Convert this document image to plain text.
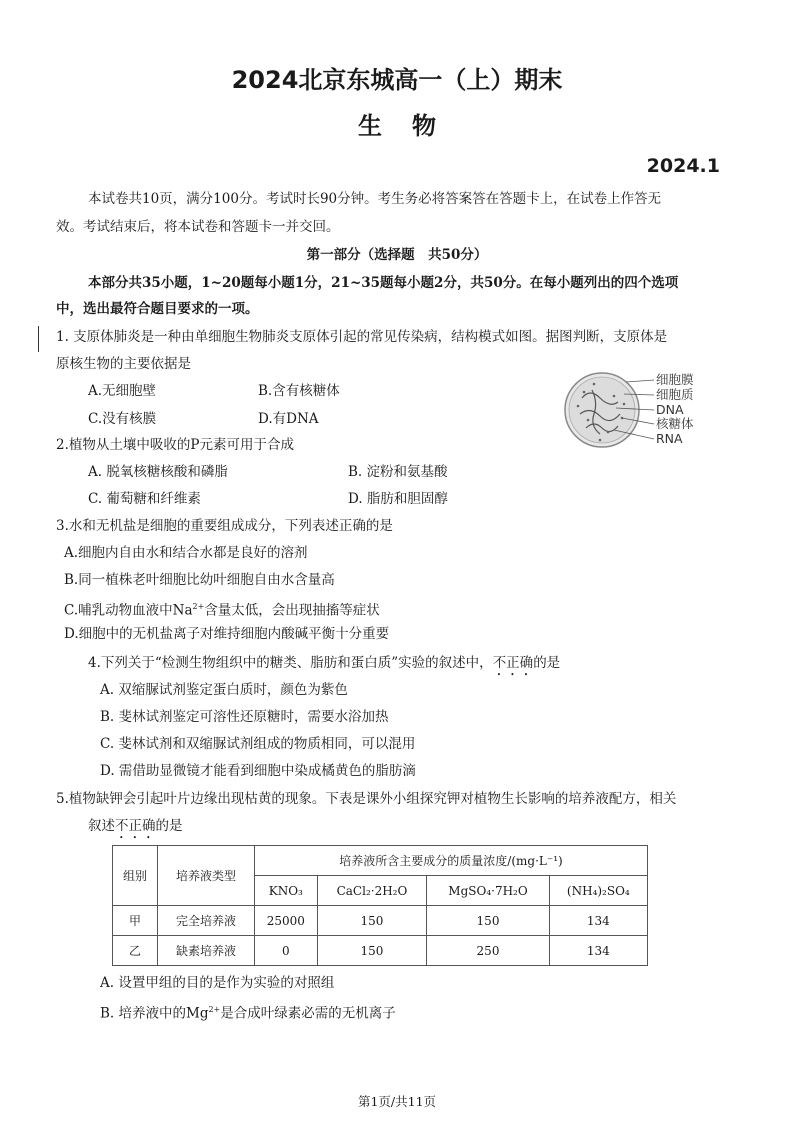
2024北京东城高一（上）期末
生物
2024.1
本试卷共10页，满分100分。考试时长90分钟。考生务必将答案答在答题卡上，在试卷上作答无
效。考试结束后，将本试卷和答题卡一并交回。
第一部分（选择题　共50分）
本部分共35小题，1~20题每小题1分，21~35题每小题2分，共50分。在每小题列出的四个选项
中，选出最符合题目要求的一项。
1. 支原体肺炎是一种由单细胞生物肺炎支原体引起的常见传染病，结构模式如图。据图判断，支原体是
原核生物的主要依据是
A.无细胞壁	B.含有核糖体
C.没有核膜	D.有DNA
细胞膜
细胞质
DNA
核糖体
RNA
2.植物从土壤中吸收的P元素可用于合成
A. 脱氧核糖核酸和磷脂	B. 淀粉和氨基酸
C. 葡萄糖和纤维素	D. 脂肪和胆固醇
3.水和无机盐是细胞的重要组成成分，下列表述正确的是
A.细胞内自由水和结合水都是良好的溶剂
B.同一植株老叶细胞比幼叶细胞自由水含量高
C.哺乳动物血液中$Na^{2+}$含量太低，会出现抽搐等症状
D.细胞中的无机盐离子对维持细胞内酸碱平衡十分重要
4.下列关于“检测生物组织中的糖类、脂肪和蛋白质”实验的叙述中，不正确的是
A. 双缩脲试剂鉴定蛋白质时，颜色为紫色
B. 斐林试剂鉴定可溶性还原糖时，需要水浴加热
C. 斐林试剂和双缩脲试剂组成的物质相同，可以混用
D. 需借助显微镜才能看到细胞中染成橘黄色的脂肪滴
5.植物缺钾会引起叶片边缘出现枯黄的现象。下表是课外小组探究钾对植物生长影响的培养液配方，相关
叙述不正确的是
组别	培养液类型	培养液所含主要成分的质量浓度/(mg·L⁻¹)			
		KNO₃	CaCl₂·2H₂O	MgSO₄·7H₂O	(NH₄)₂SO₄
甲	完全培养液	25000	150	150	134
乙	缺素培养液	0	150	250	134
A. 设置甲组的目的是作为实验的对照组
B. 培养液中的$Mg^{2+}$是合成叶绿素必需的无机离子
第1页/共11页
